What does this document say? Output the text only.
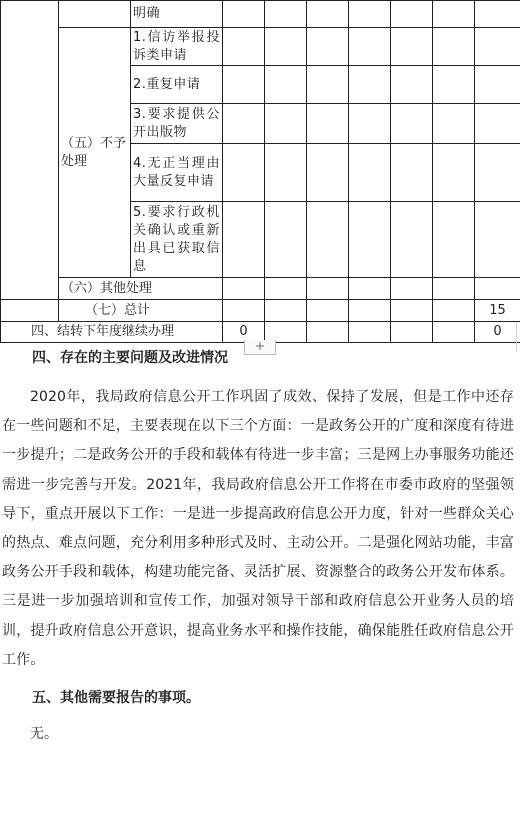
		明确							
	（五）不予处理	1.信访举报投诉类申请							
		2.重复申请							
		3.要求提供公开出版物							
		4.无正当理由大量反复申请							
		5.要求行政机关确认或重新出具已获取信息							
	（六）其他处理								
	（七）总计								15
四、结转下年度继续办理			0						0
+
四、存在的主要问题及改进情况

2020年，我局政府信息公开工作巩固了成效、保持了发展，但是工作中还存在一些问题和不足，主要表现在以下三个方面：一是政务公开的广度和深度有待进一步提升；二是政务公开的手段和载体有待进一步丰富；三是网上办事服务功能还需进一步完善与开发。2021年，我局政府信息公开工作将在市委市政府的坚强领导下，重点开展以下工作：一是进一步提高政府信息公开力度，针对一些群众关心的热点、难点问题，充分利用多种形式及时、主动公开。二是强化网站功能，丰富政务公开手段和载体，构建功能完备、灵活扩展、资源整合的政务公开发布体系。三是进一步加强培训和宣传工作，加强对领导干部和政府信息公开业务人员的培训，提升政府信息公开意识，提高业务水平和操作技能，确保能胜任政府信息公开工作。

五、其他需要报告的事项。

无。
